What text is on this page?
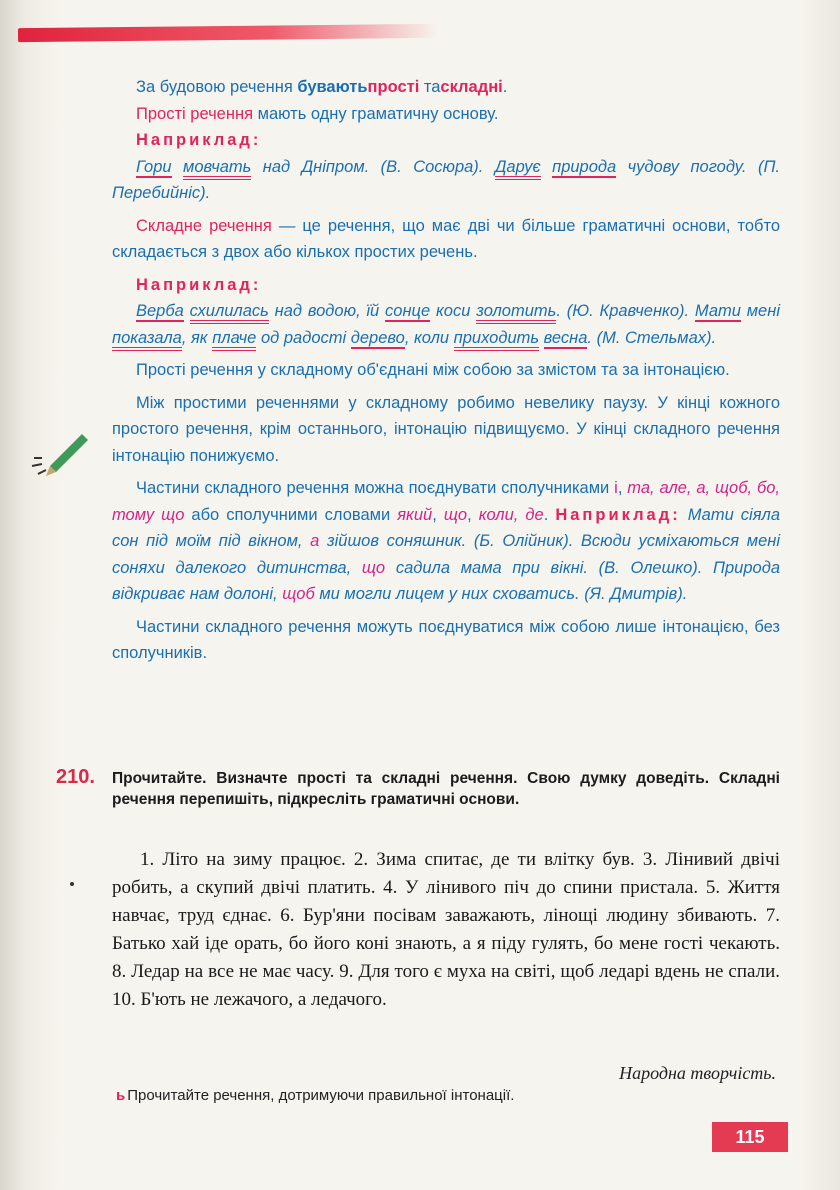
За будовою речення буваютьпрості таскладні.

Прості речення мають одну граматичну основу.

Наприклад:

Гори мовчать над Дніпром. (В. Сосюра). Дарує природа чудову погоду. (П. Перебийніс).

Складне речення — це речення, що має дві чи більше граматичні основи, тобто складається з двох або кількох простих речень.

Наприклад:

Верба схилилась над водою, їй сонце коси золотить. (Ю. Кравченко). Мати мені показала, як плаче од радості дерево, коли приходить весна. (М. Стельмах).

Прості речення у складному об'єднані між собою за змістом та за інтонацією.

Між простими реченнями у складному робимо невелику паузу. У кінці кожного простого речення, крім останнього, інтонацію підвищуємо. У кінці складного речення інтонацію понижуємо.

Частини складного речення можна поєднувати сполучниками і, та, але, а, щоб, бо, тому що або сполучними словами який, що, коли, де. Наприклад: Мати сіяла сон під моїм під вікном, а зійшов соняшник. (Б. Олійник). Всюди усміхаються мені соняхи далекого дитинства, що садила мама при вікні. (В. Олешко). Природа відкриває нам долоні, щоб ми могли лицем у них сховатись. (Я. Дмитрів).

Частини складного речення можуть поєднуватися між собою лише інтонацією, без сполучників.

210. Прочитайте. Визначте прості та складні речення. Свою думку доведіть. Складні речення перепишіть, підкресліть граматичні основи.
1. Літо на зиму працює. 2. Зима спитає, де ти влітку був. 3. Лінивий двічі робить, а скупий двічі платить. 4. У лінивого піч до спини пристала. 5. Життя навчає, труд єднає. 6. Бур'яни посівам заважають, лінощі людину збивають. 7. Батько хай іде орать, бо його коні знають, а я піду гулять, бо мене гості чекають. 8. Ледар на все не має часу. 9. Для того є муха на світі, щоб ледарі вдень не спали. 10. Б'ють не лежачого, а ледачого.
Народна творчість.
ь Прочитайте речення, дотримуючи правильної інтонації.
115
